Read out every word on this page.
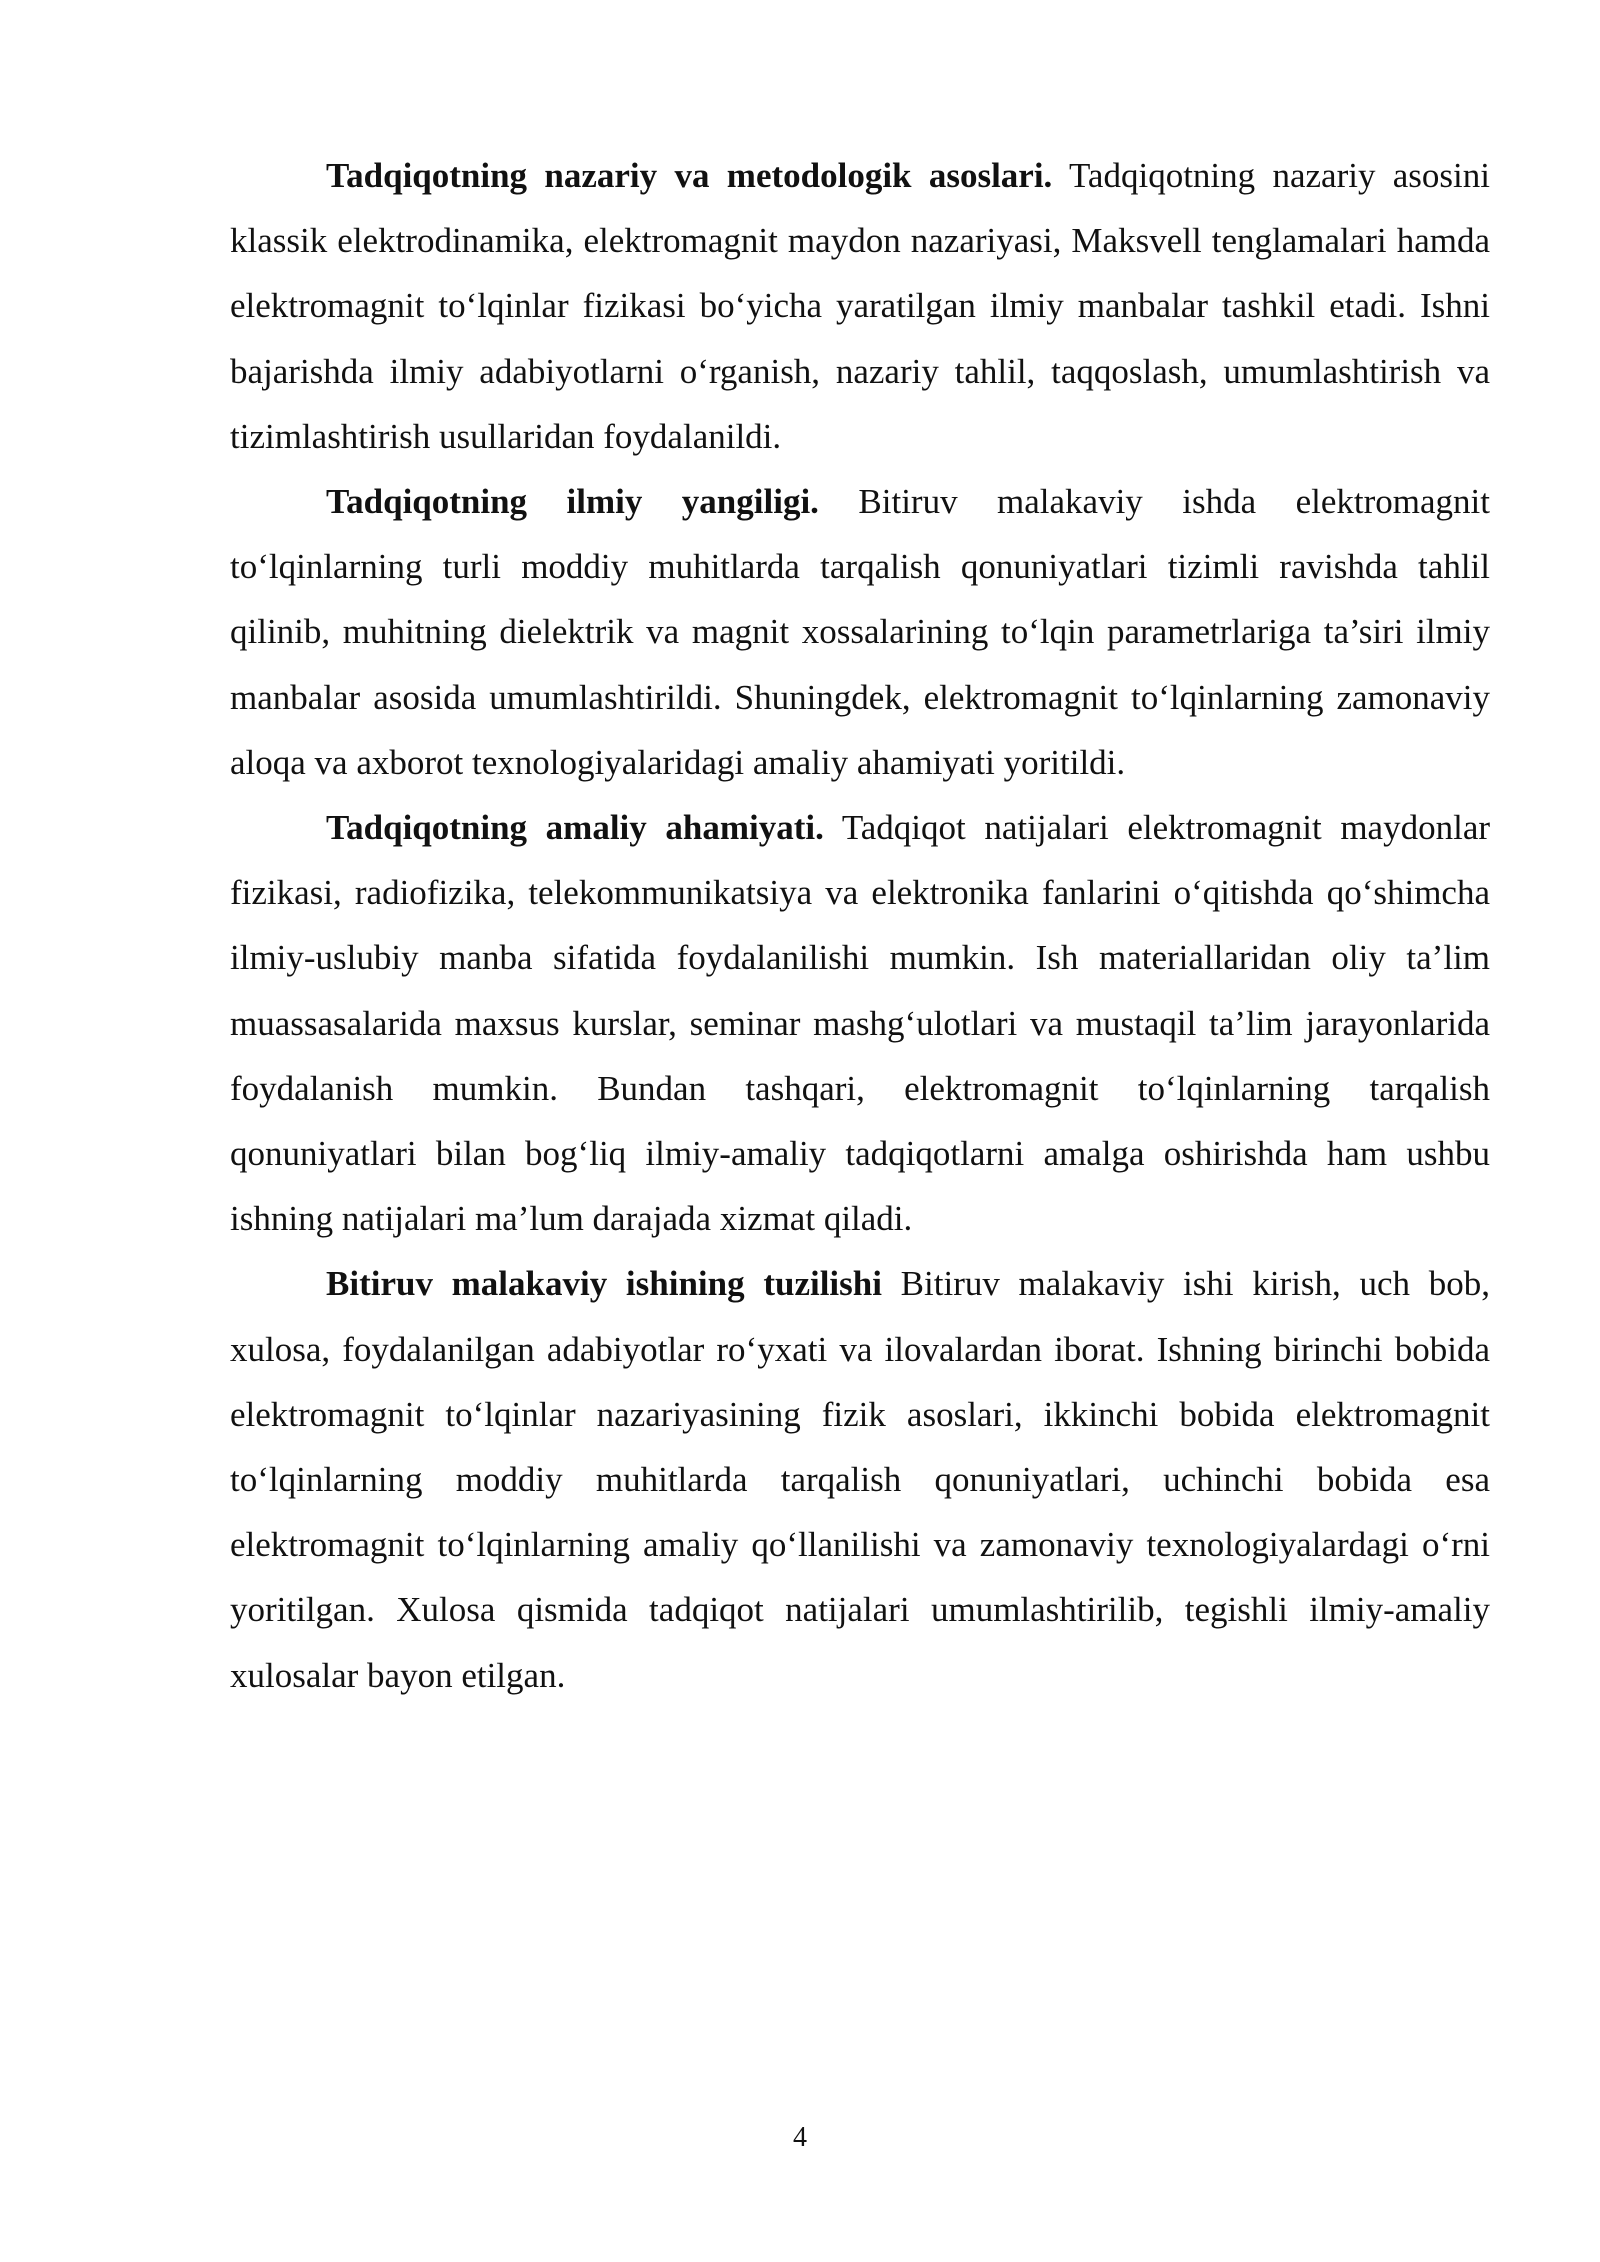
Tadqiqotning nazariy va metodologik asoslari. Tadqiqotning nazariy asosini klassik elektrodinamika, elektromagnit maydon nazariyasi, Maksvell tenglamalari hamda elektromagnit to‘lqinlar fizikasi bo‘yicha yaratilgan ilmiy manbalar tashkil etadi. Ishni bajarishda ilmiy adabiyotlarni o‘rganish, nazariy tahlil, taqqoslash, umumlashtirish va tizimlashtirish usullaridan foydalanildi.

Tadqiqotning ilmiy yangiligi. Bitiruv malakaviy ishda elektromagnit to‘lqinlarning turli moddiy muhitlarda tarqalish qonuniyatlari tizimli ravishda tahlil qilinib, muhitning dielektrik va magnit xossalarining to‘lqin parametrlariga ta’siri ilmiy manbalar asosida umumlashtirildi. Shuningdek, elektromagnit to‘lqinlarning zamonaviy aloqa va axborot texnologiyalaridagi amaliy ahamiyati yoritildi.

Tadqiqotning amaliy ahamiyati. Tadqiqot natijalari elektromagnit maydonlar fizikasi, radiofizika, telekommunikatsiya va elektronika fanlarini o‘qitishda qo‘shimcha ilmiy-uslubiy manba sifatida foydalanilishi mumkin. Ish materiallaridan oliy ta’lim muassasalarida maxsus kurslar, seminar mashg‘ulotlari va mustaqil ta’lim jarayonlarida foydalanish mumkin. Bundan tashqari, elektromagnit to‘lqinlarning tarqalish qonuniyatlari bilan bog‘liq ilmiy-amaliy tadqiqotlarni amalga oshirishda ham ushbu ishning natijalari ma’lum darajada xizmat qiladi.

Bitiruv malakaviy ishining tuzilishi Bitiruv malakaviy ishi kirish, uch bob, xulosa, foydalanilgan adabiyotlar ro‘yxati va ilovalardan iborat. Ishning birinchi bobida elektromagnit to‘lqinlar nazariyasining fizik asoslari, ikkinchi bobida elektromagnit to‘lqinlarning moddiy muhitlarda tarqalish qonuniyatlari, uchinchi bobida esa elektromagnit to‘lqinlarning amaliy qo‘llanilishi va zamonaviy texnologiyalardagi o‘rni yoritilgan. Xulosa qismida tadqiqot natijalari umumlashtirilib, tegishli ilmiy-amaliy xulosalar bayon etilgan.

4
